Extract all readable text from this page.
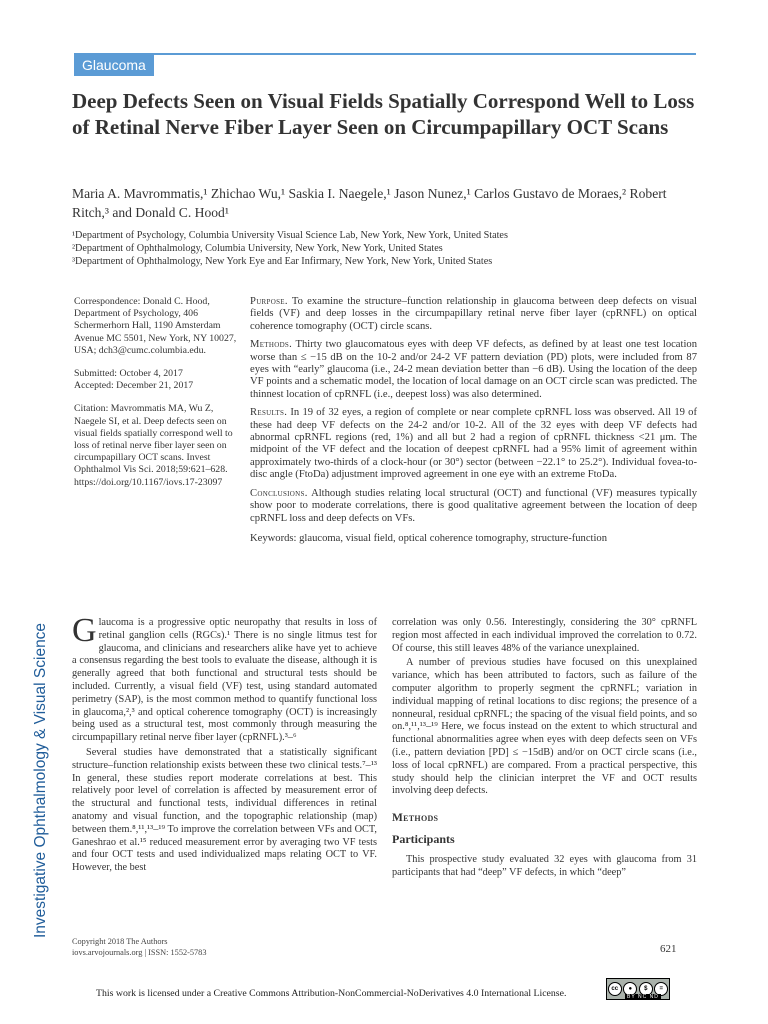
Glaucoma
Deep Defects Seen on Visual Fields Spatially Correspond Well to Loss of Retinal Nerve Fiber Layer Seen on Circumpapillary OCT Scans
Maria A. Mavrommatis,¹ Zhichao Wu,¹ Saskia I. Naegele,¹ Jason Nunez,¹ Carlos Gustavo de Moraes,² Robert Ritch,³ and Donald C. Hood¹
¹Department of Psychology, Columbia University Visual Science Lab, New York, New York, United States
²Department of Ophthalmology, Columbia University, New York, New York, United States
³Department of Ophthalmology, New York Eye and Ear Infirmary, New York, New York, United States
Correspondence: Donald C. Hood, Department of Psychology, 406 Schermerhorn Hall, 1190 Amsterdam Avenue MC 5501, New York, NY 10027, USA; dch3@cumc.columbia.edu.
Submitted: October 4, 2017
Accepted: December 21, 2017
Citation: Mavrommatis MA, Wu Z, Naegele SI, et al. Deep defects seen on visual fields spatially correspond well to loss of retinal nerve fiber layer seen on circumpapillary OCT scans. Invest Ophthalmol Vis Sci. 2018;59:621–628. https://doi.org/10.1167/iovs.17-23097

Purpose. To examine the structure–function relationship in glaucoma between deep defects on visual fields (VF) and deep losses in the circumpapillary retinal nerve fiber layer (cpRNFL) on optical coherence tomography (OCT) circle scans.

Methods. Thirty two glaucomatous eyes with deep VF defects, as defined by at least one test location worse than ≤ −15 dB on the 10-2 and/or 24-2 VF pattern deviation (PD) plots, were included from 87 eyes with “early” glaucoma (i.e., 24-2 mean deviation better than −6 dB). Using the location of the deep VF points and a schematic model, the location of local damage on an OCT circle scan was predicted. The thinnest location of cpRNFL (i.e., deepest loss) was also determined.

Results. In 19 of 32 eyes, a region of complete or near complete cpRNFL loss was observed. All 19 of these had deep VF defects on the 24-2 and/or 10-2. All of the 32 eyes with deep VF defects had abnormal cpRNFL regions (red, 1%) and all but 2 had a region of cpRNFL thickness <21 μm. The midpoint of the VF defect and the location of deepest cpRNFL had a 95% limit of agreement within approximately two-thirds of a clock-hour (or 30°) sector (between −22.1° to 25.2°). Individual fovea-to-disc angle (FtoDa) adjustment improved agreement in one eye with an extreme FtoDa.

Conclusions. Although studies relating local structural (OCT) and functional (VF) measures typically show poor to moderate correlations, there is good qualitative agreement between the location of deep cpRNFL loss and deep defects on VFs.

Keywords: glaucoma, visual field, optical coherence tomography, structure-function

Investigative Ophthalmology & Visual Science Glaucoma is a progressive optic neuropathy that results in loss of retinal ganglion cells (RGCs).¹ There is no single litmus test for glaucoma, and clinicians and researchers alike have yet to achieve a consensus regarding the best tools to evaluate the disease, although it is generally agreed that both functional and structural tests should be included. Currently, a visual field (VF) test, using standard automated perimetry (SAP), is the most common method to quantify functional loss in glaucoma,²,³ and optical coherence tomography (OCT) is increasingly being used as a structural test, most commonly through measuring the circumpapillary retinal nerve fiber layer (cpRNFL).³–⁶

Several studies have demonstrated that a statistically significant structure–function relationship exists between these two clinical tests.⁷–¹³ In general, these studies report moderate correlations at best. This relatively poor level of correlation is affected by measurement error of the structural and functional tests, individual differences in retinal anatomy and visual function, and the topographic relationship (map) between them.⁸,¹¹,¹³–¹⁹ To improve the correlation between VFs and OCT, Ganeshrao et al.¹⁵ reduced measurement error by averaging two VF tests and four OCT tests and used individualized maps relating OCT to VF. However, the best

correlation was only 0.56. Interestingly, considering the 30° cpRNFL region most affected in each individual improved the correlation to 0.72. Of course, this still leaves 48% of the variance unexplained.

A number of previous studies have focused on this unexplained variance, which has been attributed to factors, such as failure of the computer algorithm to properly segment the cpRNFL; variation in individual mapping of retinal locations to disc regions; the presence of a nonneural, residual cpRNFL; the spacing of the visual field points, and so on.⁸,¹¹,¹³–¹⁹ Here, we focus instead on the extent to which structural and functional abnormalities agree when eyes with deep defects seen on VFs (i.e., pattern deviation [PD] ≤ −15dB) and/or on OCT circle scans (i.e., loss of local cpRNFL) are compared. From a practical perspective, this study should help the clinician interpret the VF and OCT results involving deep defects.

Methods
Participants

This prospective study evaluated 32 eyes with glaucoma from 31 participants that had “deep” VF defects, in which “deep”

Copyright 2018 The Authors
iovs.arvojournals.org | ISSN: 1552-5783	621
This work is licensed under a Creative Commons Attribution-NonCommercial-NoDerivatives 4.0 International License.	cc	●	$	=
BY NC ND
